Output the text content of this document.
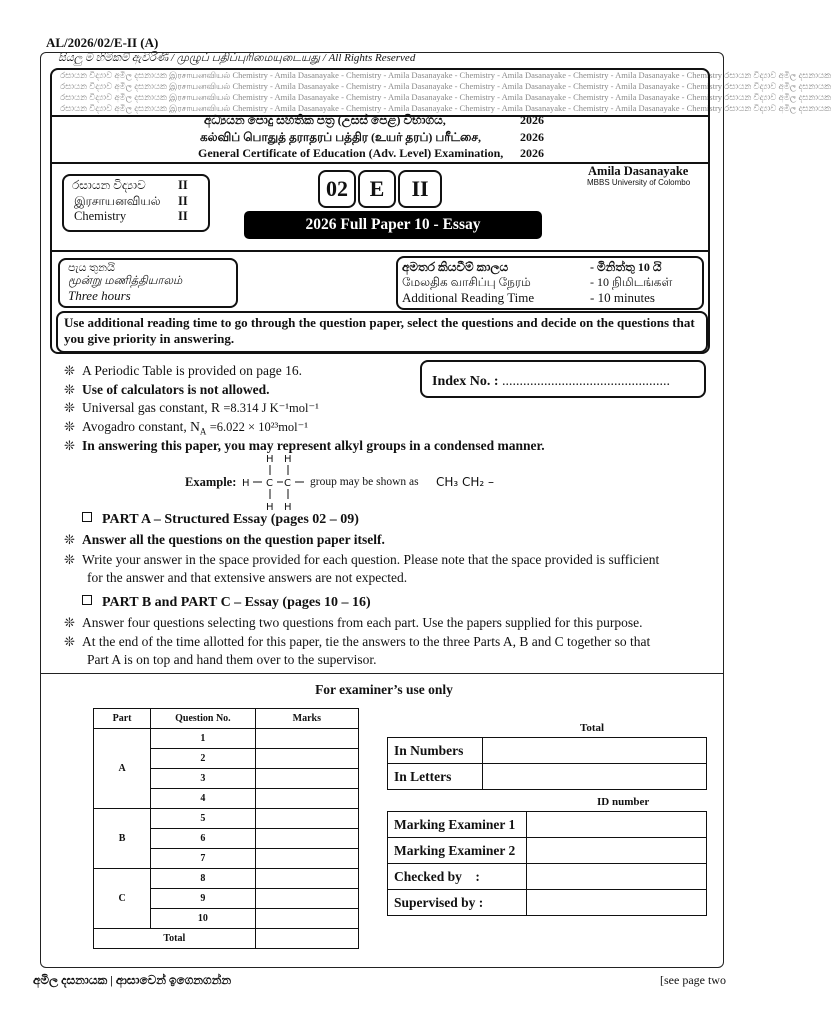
AL/2026/02/E-II (A)
සියලු ම හිමිකම් ඇවිරිණි / முழுப் பதிப்புரிமையுடையது / All Rights Reserved
රසායන විද්‍යාව අමිල දසනායක இரசாயனவியல் Chemistry - Amila Dasanayake - Chemistry - Amila Dasanayake - Chemistry - Amila Dasanayake - Chemistry - Amila Dasanayake - Chemistry රසායන විද්‍යාව අමිල දසනායක
රසායන විද්‍යාව අමිල දසනායක இரசாயனவியல் Chemistry - Amila Dasanayake - Chemistry - Amila Dasanayake - Chemistry - Amila Dasanayake - Chemistry - Amila Dasanayake - Chemistry රසායන විද්‍යාව අමිල දසනායක
රසායන විද්‍යාව අමිල දසනායක இரசாயனவியல் Chemistry - Amila Dasanayake - Chemistry - Amila Dasanayake - Chemistry - Amila Dasanayake - Chemistry - Amila Dasanayake - Chemistry රසායන විද්‍යාව අමිල දසනායක
රසායන විද්‍යාව අමිල දසනායක இரசாயனவியல் Chemistry - Amila Dasanayake - Chemistry - Amila Dasanayake - Chemistry - Amila Dasanayake - Chemistry - Amila Dasanayake - Chemistry රසායන විද්‍යාව අමිල දසනායක
අධ්‍යයන පොදු සහතික පත්‍ර (උසස් පෙළ) විභාගය,	2026
கல்விப் பொதுத் தராதரப் பத்திர (உயர் தரப்) பரீட்சை,	2026
General Certificate of Education (Adv. Level) Examination, 2026
Amila Dasanayake
MBBS University of Colombo
රසායන විද්‍යාව	II
இரசாயனவியல் II
Chemistry	II
02 E	II
2026 Full Paper 10 - Essay
පැය තුනයි
மூன்று மணித்தியாலம்
Three hours
අමතර කියවීම් කාලය	- මිනිත්තු 10 යි
மேலதிக வாசிப்பு நேரம்	- 10 நிமிடங்கள்
Additional Reading Time	- 10 minutes
Use additional reading time to go through the question paper, select the questions and decide on the questions that you give priority in answering.
Index No. : ................................................
❊ A Periodic Table is provided on page 16.
❊ Use of calculators is not allowed.
❊ Universal gas constant, R =8.314 J K⁻¹mol⁻¹
❊ Avogadro constant, $N_A =6.022 \times 10^{23}mol^{-1}$
❊ In answering this paper, you may represent alkyl groups in a condensed manner.
Example:
H H
H C C
H H
group may be shown as CH₃ CH₂ –
PART A – Structured Essay (pages 02 – 09)
❊ Answer all the questions on the question paper itself.
❊ Write your answer in the space provided for each question. Please note that the space provided is sufficient
for the answer and that extensive answers are not expected.
PART B and PART C – Essay (pages 10 – 16)
❊ Answer four questions selecting two questions from each part. Use the papers supplied for this purpose.
❊ At the end of the time allotted for this paper, tie the answers to the three Parts A, B and C together so that
Part A is on top and hand them over to the supervisor.
For examiner’s use only
Part	Question No.	Marks
A	1	
	2	
	3	
	4	
B	5	
	6	
	7	
C	8	
	9	
	10	
Total		
Total
In Numbers	
In Letters	
ID number
Marking Examiner 1	
Marking Examiner 2	
Checked by    :	
Supervised by :	
අමිල දසනායක | ආසාවෙන් ඉගෙනගන්න	[see page two
